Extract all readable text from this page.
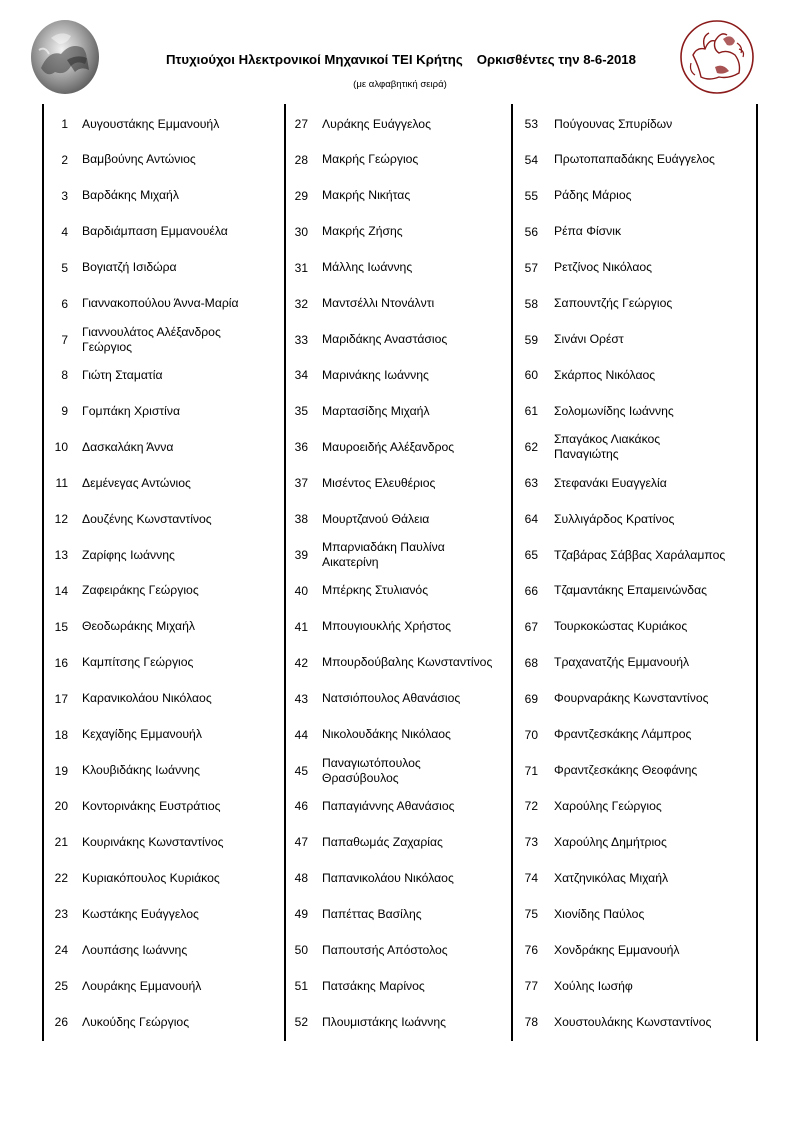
Πτυχιούχοι Ηλεκτρονικοί Μηχανικοί ΤΕΙ Κρήτης Ορκισθέντες την 8-6-2018
(με αλφαβητική σειρά)
1 Αυγουστάκης Εμμανουήλ
2 Βαμβούνης Αντώνιος
3 Βαρδάκης Μιχαήλ
4 Βαρδιάμπαση Εμμανουέλα
5 Βογιατζή Ισιδώρα
6 Γιαννακοπούλου Άννα-Μαρία
7
Γιαννουλάτος Αλέξανδρος Γεώργιος
8 Γιώτη Σταματία
9 Γομπάκη Χριστίνα
10 Δασκαλάκη Άννα
11 Δεμένεγας Αντώνιος
12 Δουζένης Κωνσταντίνος
13 Ζαρίφης Ιωάννης
14 Ζαφειράκης Γεώργιος
15 Θεοδωράκης Μιχαήλ
16 Καμπίτσης Γεώργιος
17 Καρανικολάου Νικόλαος
18 Κεχαγίδης Εμμανουήλ
19 Κλουβιδάκης Ιωάννης
20 Κοντορινάκης Ευστράτιος
21 Κουρινάκης Κωνσταντίνος
22 Κυριακόπουλος Κυριάκος
23 Κωστάκης Ευάγγελος
24 Λουπάσης Ιωάννης
25 Λουράκης Εμμανουήλ
26 Λυκούδης Γεώργιος
27 Λυράκης Ευάγγελος
28 Μακρής Γεώργιος
29 Μακρής Νικήτας
30 Μακρής Ζήσης
31 Μάλλης Ιωάννης
32 Μαντσέλλι Ντονάλντι
33 Μαριδάκης Αναστάσιος
34 Μαρινάκης Ιωάννης
35 Μαρτασίδης Μιχαήλ
36 Μαυροειδής Αλέξανδρος
37 Μισέντος Ελευθέριος
38 Μουρτζανού Θάλεια
39
Μπαρνιαδάκη Παυλίνα Αικατερίνη
40 Μπέρκης Στυλιανός
41 Μπουγιουκλής Χρήστος
42 Μπουρδούβαλης Κωνσταντίνος
43 Νατσιόπουλος Αθανάσιος
44 Νικολουδάκης Νικόλαος
45
Παναγιωτόπουλος Θρασύβουλος
46 Παπαγιάννης Αθανάσιος
47 Παπαθωμάς Ζαχαρίας
48 Παπανικολάου Νικόλαος
49 Παπέττας Βασίλης
50 Παπουτσής Απόστολος
51 Πατσάκης Μαρίνος
52 Πλουμιστάκης Ιωάννης
53 Πούγουνας Σπυρίδων
54 Πρωτοπαπαδάκης Ευάγγελος
55 Ράδης Μάριος
56 Ρέπα Φίσνικ
57 Ρετζίνος Νικόλαος
58 Σαπουντζής Γεώργιος
59 Σινάνι Ορέστ
60 Σκάρπος Νικόλαος
61 Σολομωνίδης Ιωάννης
62
Σπαγάκος Λιακάκος Παναγιώτης
63 Στεφανάκι Ευαγγελία
64 Συλλιγάρδος Κρατίνος
65 Τζαβάρας Σάββας Χαράλαμπος
66 Τζαμαντάκης Επαμεινώνδας
67 Τουρκοκώστας Κυριάκος
68 Τραχανατζής Εμμανουήλ
69 Φουρναράκης Κωνσταντίνος
70 Φραντζεσκάκης Λάμπρος
71 Φραντζεσκάκης Θεοφάνης
72 Χαρούλης Γεώργιος
73 Χαρούλης Δημήτριος
74 Χατζηνικόλας Μιχαήλ
75 Χιονίδης Παύλος
76 Χονδράκης Εμμανουήλ
77 Χούλης Ιωσήφ
78 Χουστουλάκης Κωνσταντίνος
